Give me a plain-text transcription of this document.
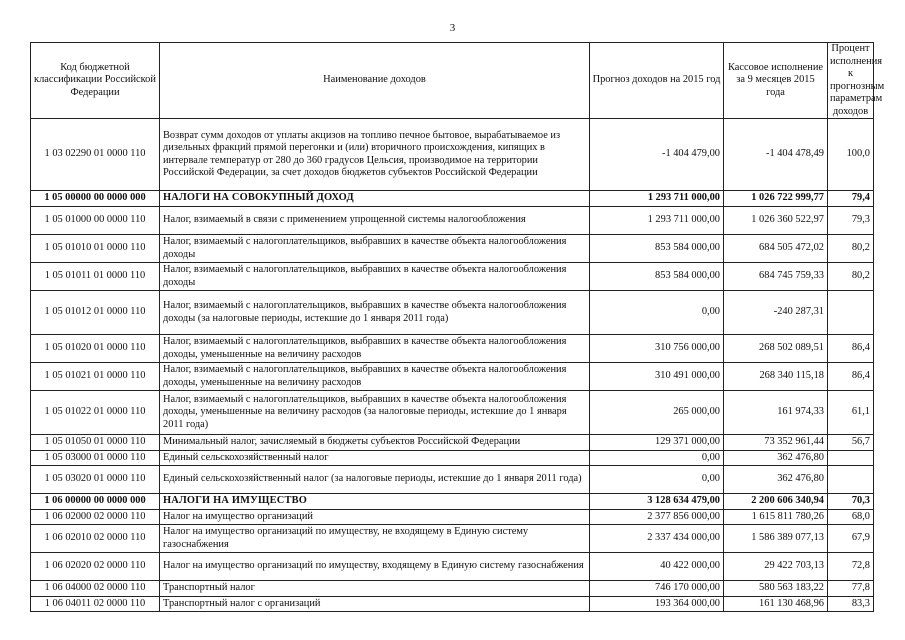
3
Код бюджетной классификации Российской Федерации	Наименование доходов	Прогноз доходов на 2015 год	Кассовое исполнение за 9 месяцев 2015 года	Процент исполнения к прогнозным параметрам доходов
1 03 02290 01 0000 110	Возврат сумм доходов от уплаты акцизов на топливо печное бытовое, вырабатываемое из дизельных фракций прямой перегонки и (или) вторичного происхождения, кипящих в интервале температур от 280 до 360 градусов Цельсия, производимое на территории Российской Федерации, за счет доходов бюджетов субъектов Российской Федерации	-1 404 479,00	-1 404 478,49	100,0
1 05 00000 00 0000 000	НАЛОГИ НА СОВОКУПНЫЙ ДОХОД	1 293 711 000,00	1 026 722 999,77	79,4
1 05 01000 00 0000 110	Налог, взимаемый в связи с применением упрощенной системы налогообложения	1 293 711 000,00	1 026 360 522,97	79,3
1 05 01010 01 0000 110	Налог, взимаемый с налогоплательщиков, выбравших в качестве объекта налогообложения доходы	853 584 000,00	684 505 472,02	80,2
1 05 01011 01 0000 110	Налог, взимаемый с налогоплательщиков, выбравших в качестве объекта налогообложения доходы	853 584 000,00	684 745 759,33	80,2
1 05 01012 01 0000 110	Налог, взимаемый с налогоплательщиков, выбравших в качестве объекта налогообложения доходы (за налоговые периоды, истекшие до 1 января 2011 года)	0,00	-240 287,31	
1 05 01020 01 0000 110	Налог, взимаемый с налогоплательщиков, выбравших в качестве объекта налогообложения доходы, уменьшенные на величину расходов	310 756 000,00	268 502 089,51	86,4
1 05 01021 01 0000 110	Налог, взимаемый с налогоплательщиков, выбравших в качестве объекта налогообложения доходы, уменьшенные на величину расходов	310 491 000,00	268 340 115,18	86,4
1 05 01022 01 0000 110	Налог, взимаемый с налогоплательщиков, выбравших в качестве объекта налогообложения доходы, уменьшенные на величину расходов (за налоговые периоды, истекшие до 1 января 2011 года)	265 000,00	161 974,33	61,1
1 05 01050 01 0000 110	Минимальный налог, зачисляемый в бюджеты субъектов Российской Федерации	129 371 000,00	73 352 961,44	56,7
1 05 03000 01 0000 110	Единый сельскохозяйственный налог	0,00	362 476,80	
1 05 03020 01 0000 110	Единый сельскохозяйственный налог (за налоговые периоды, истекшие до 1 января 2011 года)	0,00	362 476,80	
1 06 00000 00 0000 000	НАЛОГИ НА ИМУЩЕСТВО	3 128 634 479,00	2 200 606 340,94	70,3
1 06 02000 02 0000 110	Налог на имущество организаций	2 377 856 000,00	1 615 811 780,26	68,0
1 06 02010 02 0000 110	Налог на имущество организаций по имуществу, не входящему в Единую систему газоснабжения	2 337 434 000,00	1 586 389 077,13	67,9
1 06 02020 02 0000 110	Налог на имущество организаций по имуществу, входящему в Единую систему газоснабжения	40 422 000,00	29 422 703,13	72,8
1 06 04000 02 0000 110	Транспортный налог	746 170 000,00	580 563 183,22	77,8
1 06 04011 02 0000 110	Транспортный налог с организаций	193 364 000,00	161 130 468,96	83,3
